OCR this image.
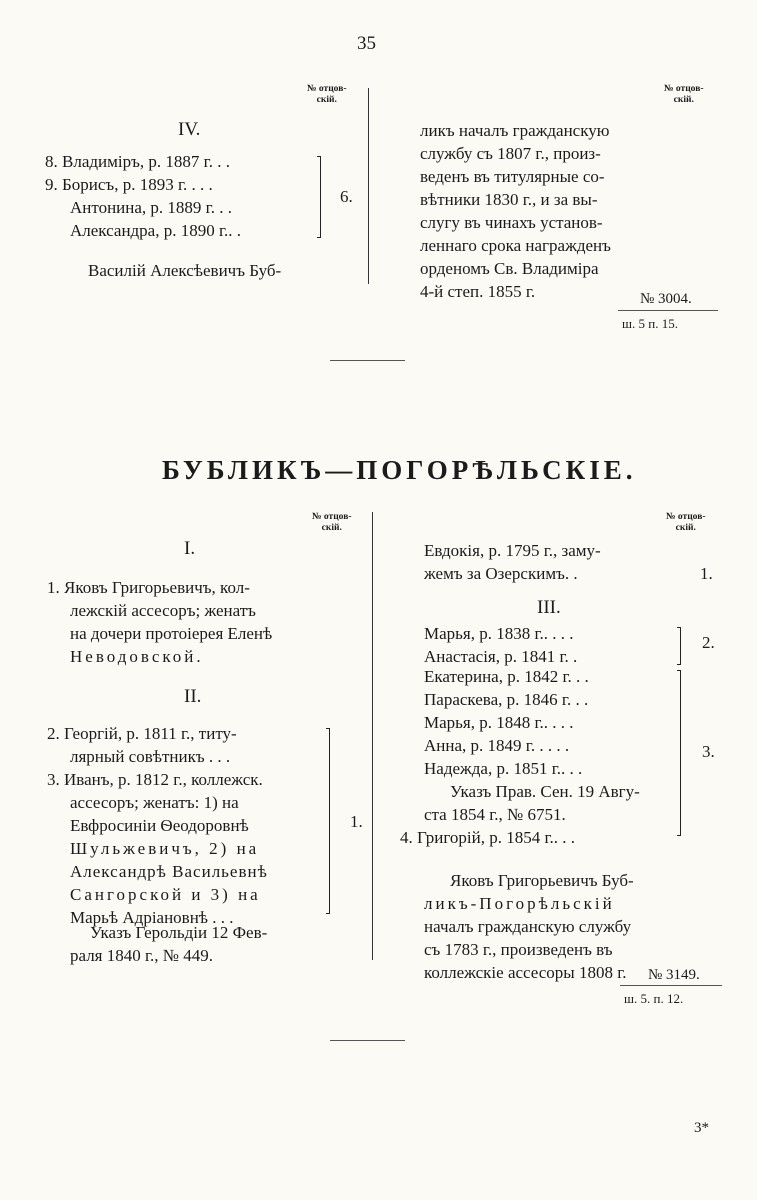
35
№ отцов-
скій.
№ отцов-
скій.
IV.
8. Владиміръ, р. 1887 г. . .
9. Борисъ, р. 1893 г. . . .
Антонина, р. 1889 г. . .
Александра, р. 1890 г.. .
6.
Василій Алексѣевичъ Буб-
ликъ началъ гражданскую
службу съ 1807 г., произ-
веденъ въ титулярные со-
вѣтники 1830 г., и за вы-
слугу въ чинахъ установ-
леннаго срока награжденъ
орденомъ Св. Владиміра
4-й степ. 1855 г.	№ 3004.
ш. 5 п. 15.
БУБЛИКЪ—ПОГОРѢЛЬСКІЕ.
№ отцов-
скій.
№ отцов-
скій.
I.
1. Яковъ Григорьевичъ, кол-
лежскій ассесоръ; женатъ
на дочери протоіерея Еленѣ
Неводовской.
II.
2. Георгій, р. 1811 г., титу-
лярный совѣтникъ . . .
3. Иванъ, р. 1812 г., коллежск.
ассесоръ; женатъ: 1) на
Евфросиніи Ѳеодоровнѣ
Шульжевичъ, 2) на
Александрѣ Васильевнѣ
Сангорской и 3) на
Марьѣ Адріановнѣ . . .
1.
Указъ Герольдіи 12 Фев-
раля 1840 г., № 449.
Евдокія, р. 1795 г., заму-
жемъ за Озерскимъ. .	1.
III.
Марья, р. 1838 г.. . . .
Анастасія, р. 1841 г. .
2.
Екатерина, р. 1842 г. . .
Параскева, р. 1846 г. . .
Марья, р. 1848 г.. . . .
Анна, р. 1849 г. . . . .
Надежда, р. 1851 г.. . .
Указъ Прав. Сен. 19 Авгу-
ста 1854 г., № 6751.
4. Григорій, р. 1854 г.. . .
3.
Яковъ Григорьевичъ Буб-
ликъ-Погорѣльскій
началъ гражданскую службу
съ 1783 г., произведенъ въ
коллежскіе ассесоры 1808 г. № 3149.
ш. 5. п. 12.
3*
